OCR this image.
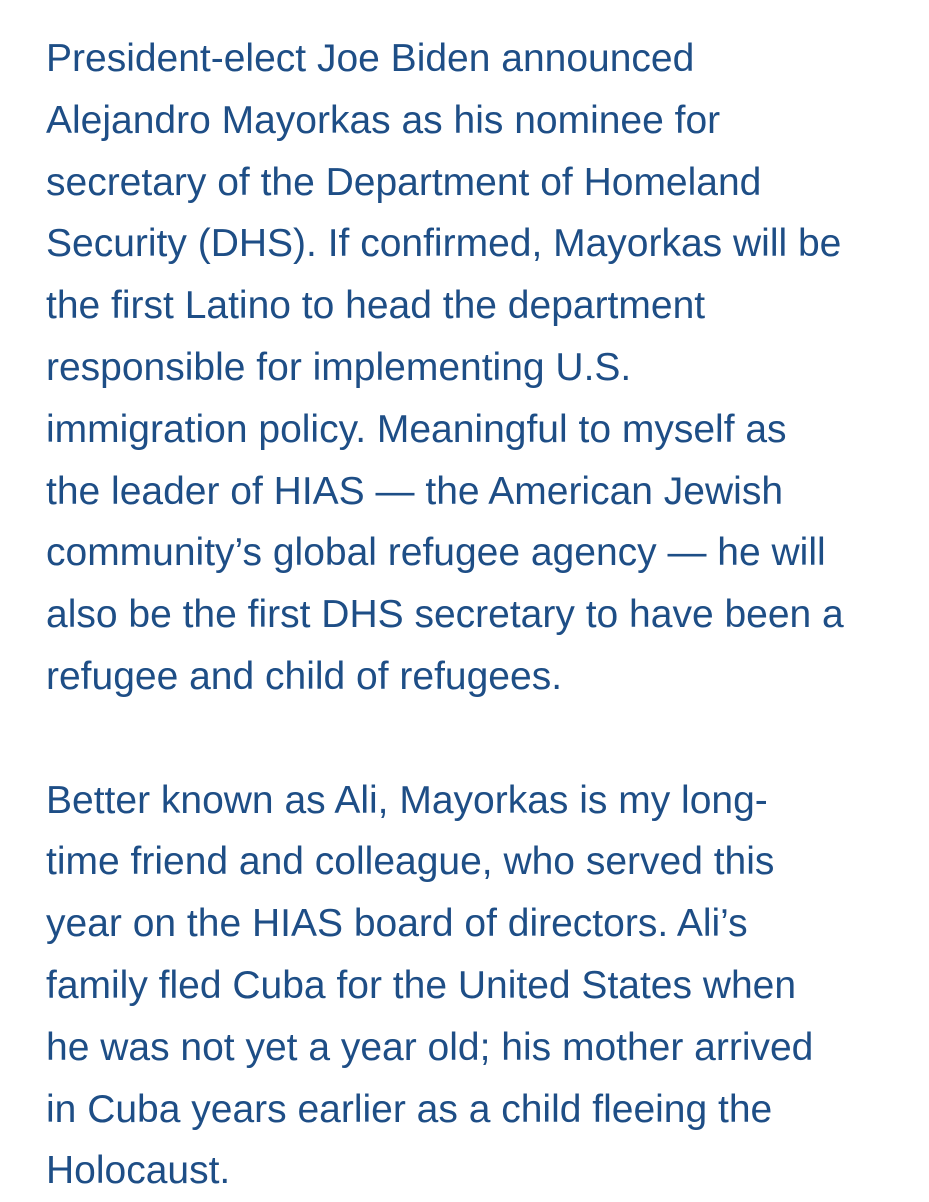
President-elect Joe Biden announced
Alejandro Mayorkas as his nominee for
secretary of the Department of Homeland
Security (DHS). If confirmed, Mayorkas will be
the first Latino to head the department
responsible for implementing U.S.
immigration policy. Meaningful to myself as
the leader of HIAS — the American Jewish
community’s global refugee agency — he will
also be the first DHS secretary to have been a
refugee and child of refugees.

Better known as Ali, Mayorkas is my long-
time friend and colleague, who served this
year on the HIAS board of directors. Ali’s
family fled Cuba for the United States when
he was not yet a year old; his mother arrived
in Cuba years earlier as a child fleeing the
Holocaust.
